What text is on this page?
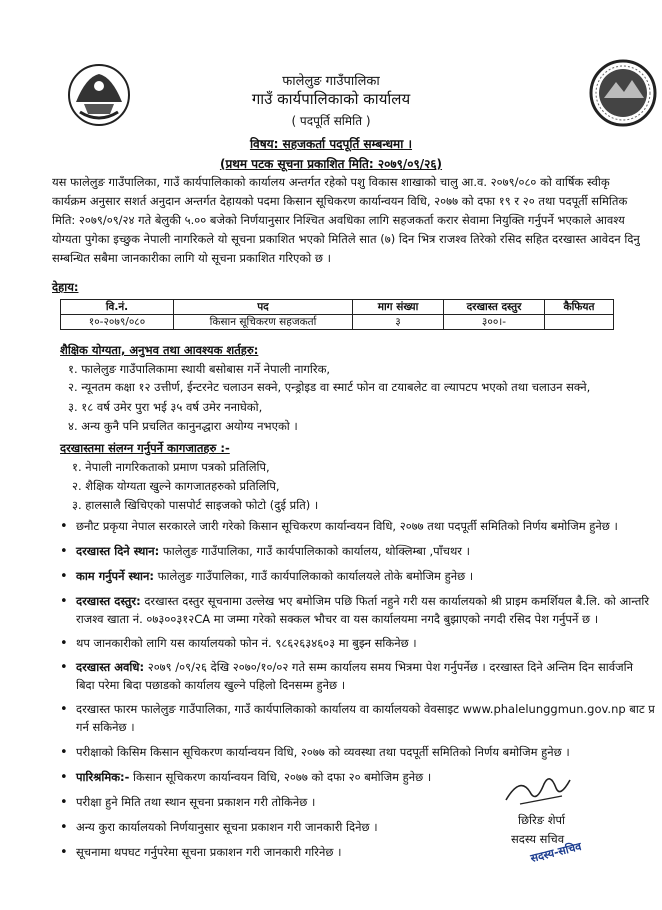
फालेलुङ गाउँपालिका
गाउँ कार्यपालिकाको कार्यालय
( पदपूर्ति समिति )
विषय: सहजकर्ता पदपूर्ति सम्बन्धमा ।
(प्रथम पटक सूचना प्रकाशित मिति: २०७९/०९/२६)
यस फालेलुङ गाउँपालिका, गाउँ कार्यपालिकाको कार्यालय अन्तर्गत रहेको पशु विकास शाखाको चालु आ.व. २०७९/०८० को वार्षिक स्वीकृ
कार्यक्रम अनुसार सशर्त अनुदान अन्तर्गत देहायको पदमा किसान सूचिकरण कार्यान्वयन विधि, २०७७ को दफा १९ र २० तथा पदपूर्ती समितिक
मिति: २०७९/०९/२४ गते बेलुकी ५.०० बजेको निर्णयानुसार निश्चित अवधिका लागि सहजकर्ता करार सेवामा नियुक्ति गर्नुपर्ने भएकाले आवश्य
योग्यता पुगेका इच्छुक नेपाली नागरिकले यो सूचना प्रकाशित भएको मितिले सात (७) दिन भित्र राजश्व तिरेको रसिद सहित दरखास्त आवेदन दिनु
सम्बन्धित सबैमा जानकारीका लागि यो सूचना प्रकाशित गरिएको छ ।
देहाय:
वि.नं.	पद	माग संख्या	दरखास्त दस्तुर	कैफियत
१०-२०७९/०८०	किसान सूचिकरण सहजकर्ता	३	३००।-	
शैक्षिक योग्यता, अनुभव तथा आवश्यक शर्तहरु:
१. फालेलुङ गाउँपालिकामा स्थायी बसोबास गर्ने नेपाली नागरिक,
२. न्यूनतम कक्षा १२ उत्तीर्ण, ईन्टरनेट चलाउन सक्ने, एन्ड्रोइड वा स्मार्ट फोन वा टयाबलेट वा ल्यापटप भएको तथा चलाउन सक्ने,
३. १८ वर्ष उमेर पुरा भई ३५ वर्ष उमेर ननाघेको,
४. अन्य कुनै पनि प्रचलित कानुनद्धारा अयोग्य नभएको ।
दरखास्तमा संलग्न गर्नुपर्ने कागजातहरु :-
१. नेपाली नागरिकताको प्रमाण पत्रको प्रतिलिपि,
२. शैक्षिक योग्यता खुल्ने कागजातहरुको प्रतिलिपि,
३. हालसालै खिचिएको पासपोर्ट साइजको फोटो (दुई प्रति) ।
• छनौट प्रकृया नेपाल सरकारले जारी गरेको किसान सूचिकरण कार्यान्वयन विधि, २०७७ तथा पदपूर्ती समितिको निर्णय बमोजिम हुनेछ ।
• दरखास्त दिने स्थान: फालेलुङ गाउँपालिका, गाउँ कार्यपालिकाको कार्यालय, थोक्लिम्बा ,पाँचथर ।
• काम गर्नुपर्ने स्थान: फालेलुङ गाउँपालिका, गाउँ कार्यपालिकाको कार्यालयले तोके बमोजिम हुनेछ ।
• दरखास्त दस्तुर: दरखास्त दस्तुर सूचनामा उल्लेख भए बमोजिम पछि फिर्ता नहुने गरी यस कार्यालयको श्री प्राइम कमर्शियल बै.लि. को आन्तरि
राजश्व खाता नं. ०७३००३१२CA मा जम्मा गरेको सक्कल भौचर वा यस कार्यालयमा नगदै बुझाएको नगदी रसिद पेश गर्नुपर्ने छ ।
• थप जानकारीको लागि यस कार्यालयको फोन नं. ९८६२६३४६०३ मा बुझ्न सकिनेछ ।
• दरखास्त अवधि: २०७९ /०९/२६ देखि २०७०/१०/०२ गते सम्म कार्यालय समय भित्रमा पेश गर्नुपर्नेछ । दरखास्त दिने अन्तिम दिन सार्वजनि
बिदा परेमा बिदा पछाडको कार्यालय खुल्ने पहिलो दिनसम्म हुनेछ ।
• दरखास्त फारम फालेलुङ गाउँपालिका, गाउँ कार्यपालिकाको कार्यालय वा कार्यालयको वेवसाइट www.phalelunggmun.gov.np बाट प्र
गर्न सकिनेछ ।
• परीक्षाको किसिम किसान सूचिकरण कार्यान्वयन विधि, २०७७ को व्यवस्था तथा पदपूर्ती समितिको निर्णय बमोजिम हुनेछ ।
• पारिश्रमिक:- किसान सूचिकरण कार्यान्वयन विधि, २०७७ को दफा २० बमोजिम हुनेछ ।
• परीक्षा हुने मिति तथा स्थान सूचना प्रकाशन गरी तोकिनेछ ।
• अन्य कुरा कार्यालयको निर्णयानुसार सूचना प्रकाशन गरी जानकारी दिनेछ ।
• सूचनामा थपघट गर्नुपरेमा सूचना प्रकाशन गरी जानकारी गरिनेछ ।
छिरिङ शेर्पा
सदस्य सचिव
सदस्य-सचिव
